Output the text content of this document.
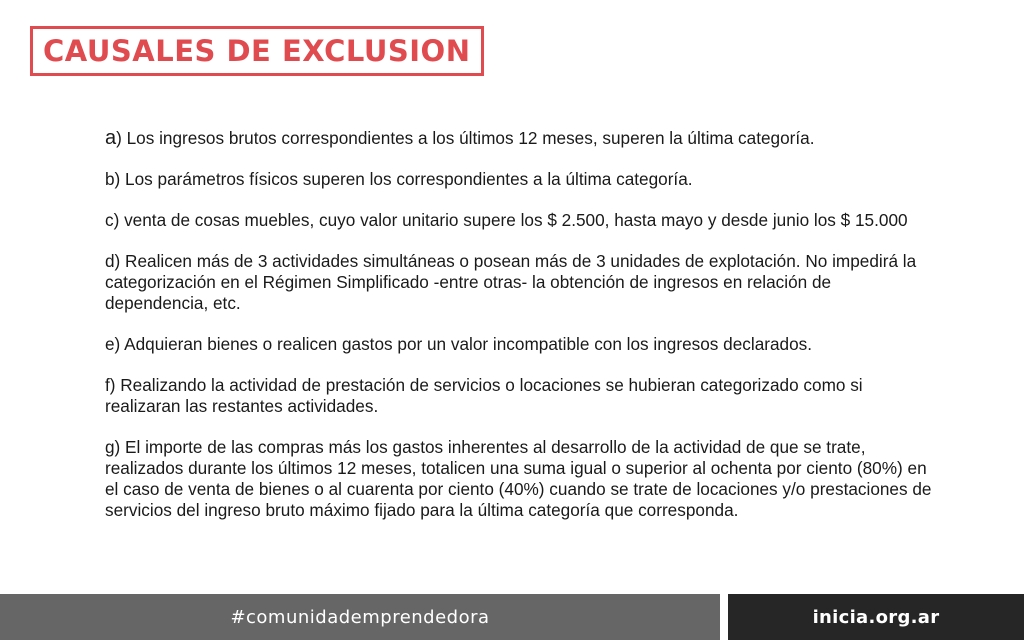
CAUSALES DE EXCLUSION

a) Los ingresos brutos correspondientes a los últimos 12 meses, superen la última categoría.

b) Los parámetros físicos superen los correspondientes a la última categoría.

c) venta de cosas muebles, cuyo valor unitario supere los $ 2.500, hasta mayo y desde junio los $ 15.000

d) Realicen más de 3 actividades simultáneas o posean más de 3 unidades de explotación. No impedirá la categorización en el Régimen Simplificado -entre otras- la obtención de ingresos en relación de dependencia, etc.

e) Adquieran bienes o realicen gastos por un valor incompatible con los ingresos declarados.

f) Realizando la actividad de prestación de servicios o locaciones se hubieran categorizado como si realizaran las restantes actividades.

g) El importe de las compras más los gastos inherentes al desarrollo de la actividad de que se trate, realizados durante los últimos 12 meses, totalicen una suma igual o superior al ochenta por ciento (80%) en el caso de venta de bienes o al cuarenta por ciento (40%) cuando se trate de locaciones y/o prestaciones de servicios del ingreso bruto máximo fijado para la última categoría que corresponda.

#comunidademprendedora	inicia.org.ar
